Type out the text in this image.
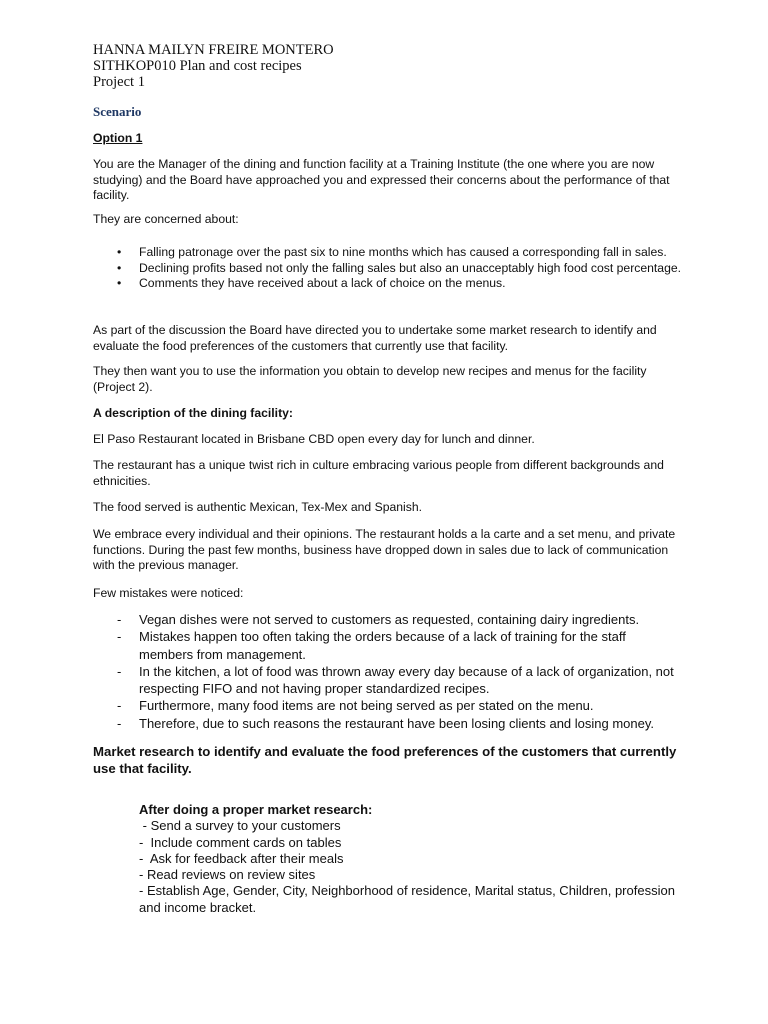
HANNA MAILYN FREIRE MONTERO
SITHKOP010 Plan and cost recipes
Project 1
Scenario
Option 1
You are the Manager of the dining and function facility at a Training Institute (the one where you are now studying) and the Board have approached you and expressed their concerns about the performance of that facility.
They are concerned about:
• Falling patronage over the past six to nine months which has caused a corresponding fall in sales.
• Declining profits based not only the falling sales but also an unacceptably high food cost percentage.
• Comments they have received about a lack of choice on the menus.
As part of the discussion the Board have directed you to undertake some market research to identify and evaluate the food preferences of the customers that currently use that facility.
They then want you to use the information you obtain to develop new recipes and menus for the facility (Project 2).
A description of the dining facility:
El Paso Restaurant located in Brisbane CBD open every day for lunch and dinner.
The restaurant has a unique twist rich in culture embracing various people from different backgrounds and ethnicities.
The food served is authentic Mexican, Tex-Mex and Spanish.
We embrace every individual and their opinions. The restaurant holds a la carte and a set menu, and private functions. During the past few months, business have dropped down in sales due to lack of communication with the previous manager.
Few mistakes were noticed:
- Vegan dishes were not served to customers as requested, containing dairy ingredients.
- Mistakes happen too often taking the orders because of a lack of training for the staff members from management.
- In the kitchen, a lot of food was thrown away every day because of a lack of organization, not respecting FIFO and not having proper standardized recipes.
- Furthermore, many food items are not being served as per stated on the menu.
- Therefore, due to such reasons the restaurant have been losing clients and losing money.
Market research to identify and evaluate the food preferences of the customers that currently use that facility.
After doing a proper market research:
- Send a survey to your customers
-  Include comment cards on tables
-  Ask for feedback after their meals
- Read reviews on review sites
- Establish Age, Gender, City, Neighborhood of residence, Marital status, Children, profession and income bracket.
